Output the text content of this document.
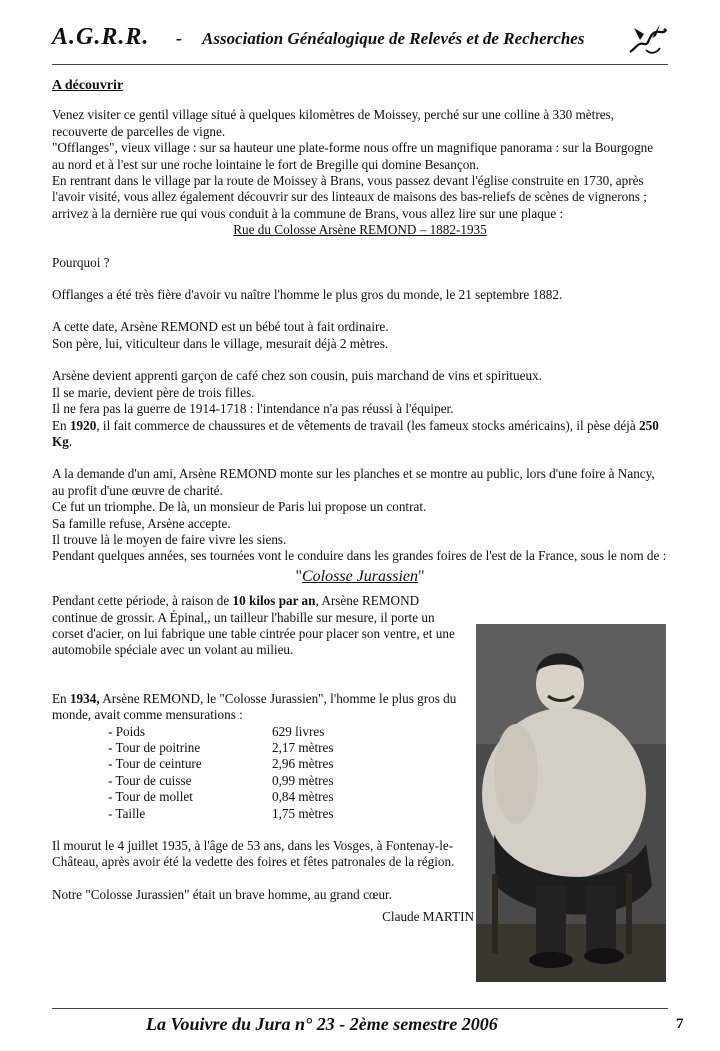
A.G.R.R. - Association Généalogique de Relevés et de Recherches

A découvrir

Venez visiter ce gentil village situé à quelques kilomètres de Moissey, perché sur une colline à 330 mètres, recouverte de parcelles de vigne.

"Offlanges", vieux village : sur sa hauteur une plate-forme nous offre un magnifique panorama : sur la Bourgogne au nord et à l'est sur une roche lointaine le fort de Bregille qui domine Besançon.

En rentrant dans le village par la route de Moissey à Brans, vous passez devant l'église construite en 1730, après l'avoir visité, vous allez également découvrir sur des linteaux de maisons des bas-reliefs de scènes de vignerons ; arrivez à la dernière rue qui vous conduit à la commune de Brans, vous allez lire sur une plaque :

Rue du Colosse Arsène REMOND – 1882-1935

Pourquoi ?

Offlanges a été très fière d'avoir vu naître l'homme le plus gros du monde, le 21 septembre 1882.

A cette date, Arsène REMOND est un bébé tout à fait ordinaire.

Son père, lui, viticulteur dans le village, mesurait déjà 2 mètres.

Arsène devient apprenti garçon de café chez son cousin, puis marchand de vins et spiritueux.

Il se marie, devient père de trois filles.

Il ne fera pas la guerre de 1914-1718 : l'intendance n'a pas réussi à l'équiper.

En 1920, il fait commerce de chaussures et de vêtements de travail (les fameux stocks américains), il pèse déjà 250 Kg.

A la demande d'un ami, Arsène REMOND monte sur les planches et se montre au public, lors d'une foire à Nancy, au profit d'une œuvre de charité.

Ce fut un triomphe. De là, un monsieur de Paris lui propose un contrat.

Sa famille refuse, Arsène accepte.

Il trouve là le moyen de faire vivre les siens.

Pendant quelques années, ses tournées vont le conduire dans les grandes foires de l'est de la France, sous le nom de :

"Colosse Jurassien"

Pendant cette période, à raison de 10 kilos par an, Arsène REMOND continue de grossir. A Épinal,, un tailleur l'habille sur mesure, il porte un corset d'acier, on lui fabrique une table cintrée pour placer son ventre, et une automobile spéciale avec un volant au milieu.

En 1934, Arsène REMOND, le "Colosse Jurassien", l'homme le plus gros du monde, avait comme mensurations :

- Poids	629 livres
- Tour de poitrine	2,17 mètres
- Tour de ceinture	2,96 mètres
- Tour de cuisse	0,99 mètres
- Tour de mollet	0,84 mètres
- Taille	1,75 mètres

Il mourut le 4 juillet 1935, à l'âge de 53 ans, dans les Vosges, à Fontenay-le-Château, après avoir été la vedette des foires et fêtes patronales de la région.

Notre "Colosse Jurassien" était un brave homme, au grand cœur.

Claude MARTIN

La Vouivre du Jura n° 23 - 2ème semestre 2006	7
